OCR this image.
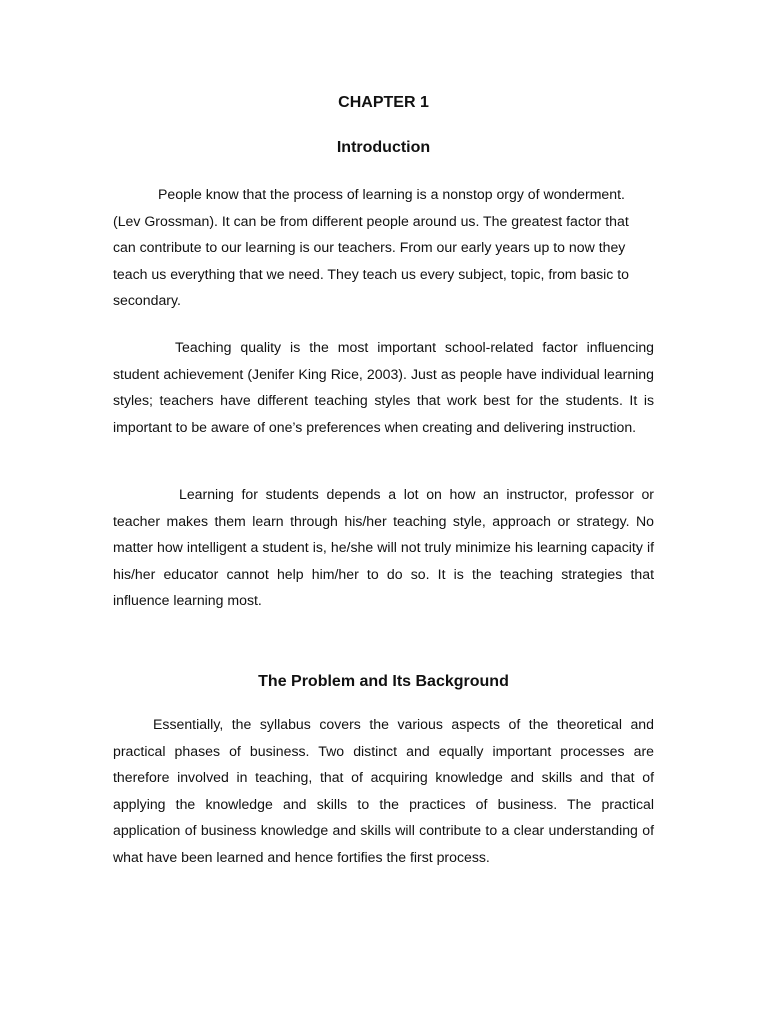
CHAPTER 1
Introduction

People know that the process of learning is a nonstop orgy of wonderment. (Lev Grossman). It can be from different people around us. The greatest factor that can contribute to our learning is our teachers. From our early years up to now they teach us everything that we need. They teach us every subject, topic, from basic to secondary.

Teaching quality is the most important school-related factor influencing student achievement (Jenifer King Rice, 2003). Just as people have individual learning styles; teachers have different teaching styles that work best for the students. It is important to be aware of one’s preferences when creating and delivering instruction.

Learning for students depends a lot on how an instructor, professor or teacher makes them learn through his/her teaching style, approach or strategy. No matter how intelligent a student is, he/she will not truly minimize his learning capacity if his/her educator cannot help him/her to do so. It is the teaching strategies that influence learning most.

The Problem and Its Background

Essentially, the syllabus covers the various aspects of the theoretical and practical phases of business. Two distinct and equally important processes are therefore involved in teaching, that of acquiring knowledge and skills and that of applying the knowledge and skills to the practices of business. The practical application of business knowledge and skills will contribute to a clear understanding of what have been learned and hence fortifies the first process.
